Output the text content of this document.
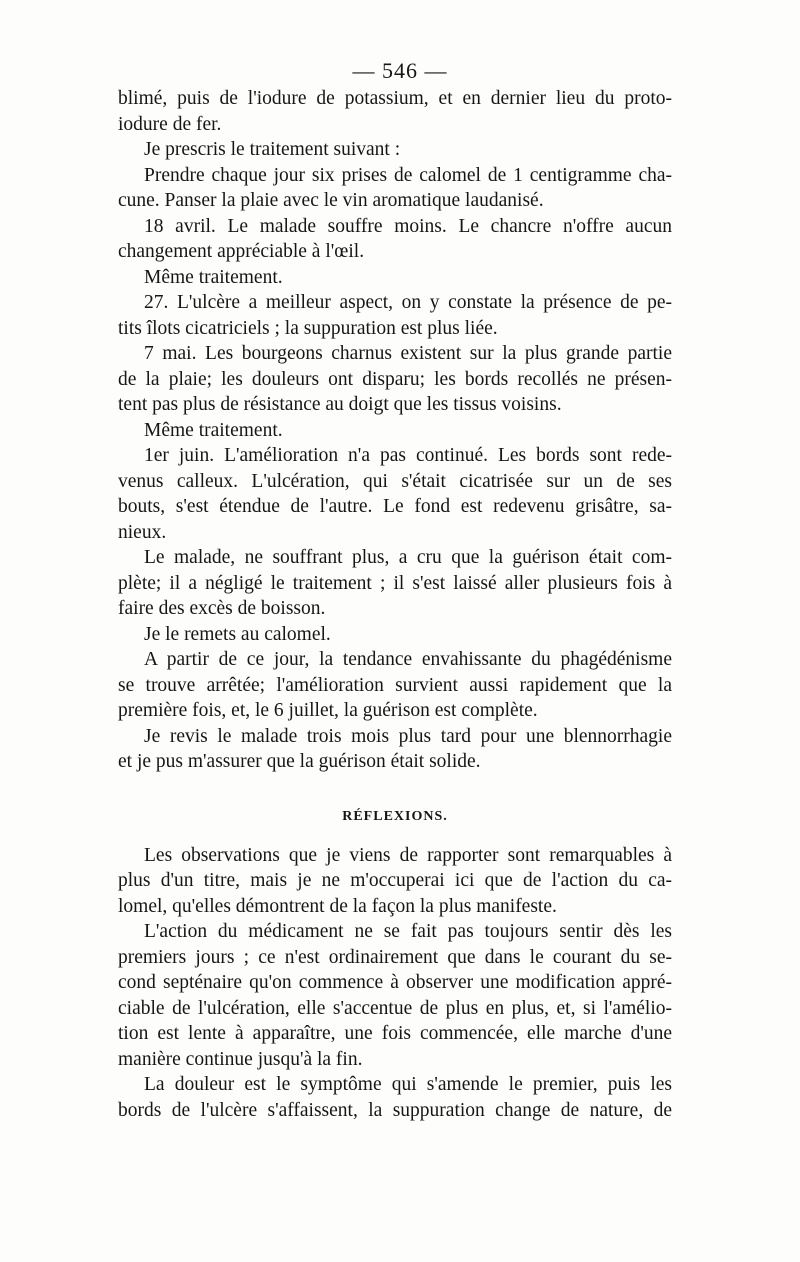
— 546 —
blimé, puis de l'iodure de potassium, et en dernier lieu du proto-
iodure de fer.
Je prescris le traitement suivant :
Prendre chaque jour six prises de calomel de 1 centigramme cha-
cune. Panser la plaie avec le vin aromatique laudanisé.
18 avril. Le malade souffre moins. Le chancre n'offre aucun
changement appréciable à l'œil.
Même traitement.
27. L'ulcère a meilleur aspect, on y constate la présence de pe-
tits îlots cicatriciels ; la suppuration est plus liée.
7 mai. Les bourgeons charnus existent sur la plus grande partie
de la plaie; les douleurs ont disparu; les bords recollés ne présen-
tent pas plus de résistance au doigt que les tissus voisins.
Même traitement.
1er juin. L'amélioration n'a pas continué. Les bords sont rede-
venus calleux. L'ulcération, qui s'était cicatrisée sur un de ses
bouts, s'est étendue de l'autre. Le fond est redevenu grisâtre, sa-
nieux.
Le malade, ne souffrant plus, a cru que la guérison était com-
plète; il a négligé le traitement ; il s'est laissé aller plusieurs fois à
faire des excès de boisson.
Je le remets au calomel.
A partir de ce jour, la tendance envahissante du phagédénisme
se trouve arrêtée; l'amélioration survient aussi rapidement que la
première fois, et, le 6 juillet, la guérison est complète.
Je revis le malade trois mois plus tard pour une blennorrhagie
et je pus m'assurer que la guérison était solide.
RÉFLEXIONS.
Les observations que je viens de rapporter sont remarquables à
plus d'un titre, mais je ne m'occuperai ici que de l'action du ca-
lomel, qu'elles démontrent de la façon la plus manifeste.
L'action du médicament ne se fait pas toujours sentir dès les
premiers jours ; ce n'est ordinairement que dans le courant du se-
cond septénaire qu'on commence à observer une modification appré-
ciable de l'ulcération, elle s'accentue de plus en plus, et, si l'amélio-
tion est lente à apparaître, une fois commencée, elle marche d'une
manière continue jusqu'à la fin.
La douleur est le symptôme qui s'amende le premier, puis les
bords de l'ulcère s'affaissent, la suppuration change de nature, de
